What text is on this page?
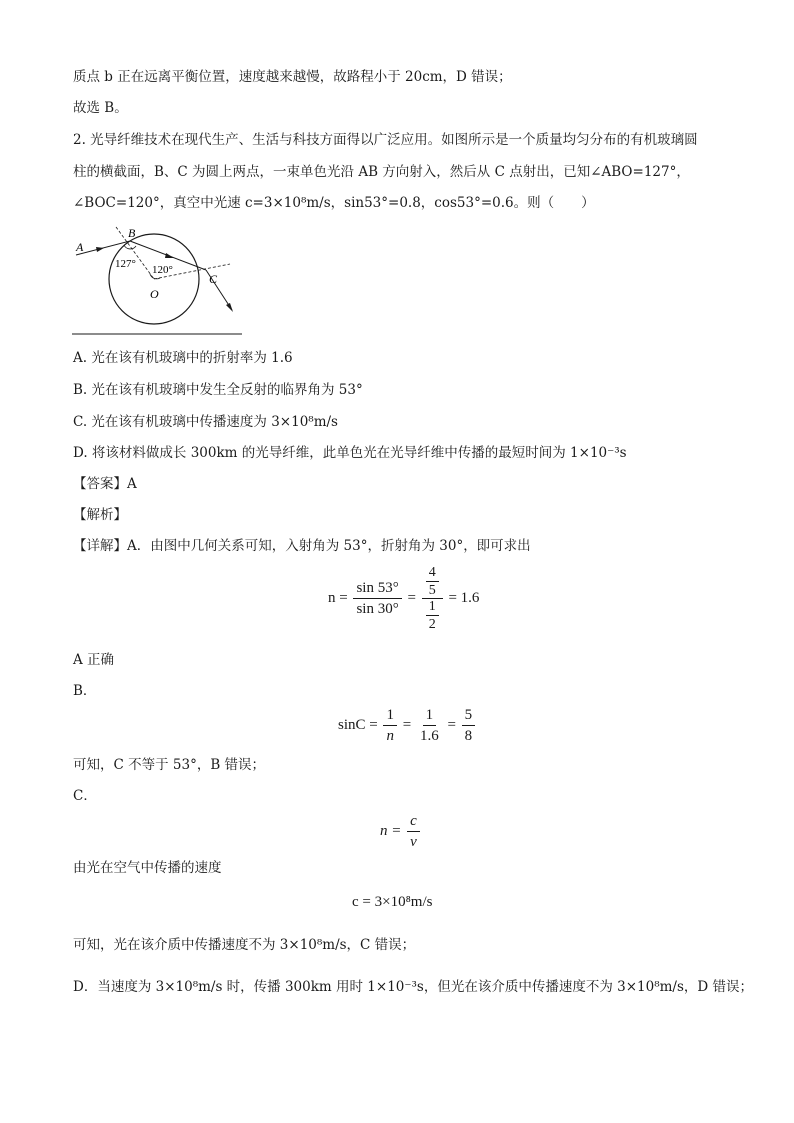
质点 b 正在远离平衡位置，速度越来越慢，故路程小于 20cm，D 错误；
故选 B。
2. 光导纤维技术在现代生产、生活与科技方面得以广泛应用。如图所示是一个质量均匀分布的有机玻璃圆
柱的横截面，B、C 为圆上两点，一束单色光沿 AB 方向射入，然后从 C 点射出，已知∠ABO=127°，
∠BOC=120°，真空中光速 c=3×10⁸m/s，sin53°=0.8，cos53°=0.6。则（　　）
A
B
C
O
127° 120°
A. 光在该有机玻璃中的折射率为 1.6
B. 光在该有机玻璃中发生全反射的临界角为 53°
C. 光在该有机玻璃中传播速度为 3×10⁸m/s
D. 将该材料做成长 300km 的光导纤维，此单色光在光导纤维中传播的最短时间为 1×10⁻³s
【答案】A
【解析】
【详解】A．由图中几何关系可知，入射角为 53°，折射角为 30°，即可求出
$n = \frac{\sin 53^\circ}{\sin 30^\circ} = \frac{\frac{4}{5}}{\frac{1}{2}} = 1.6$
A 正确
B．
$\sin C = \frac{1}{n} = \frac{1}{1.6} = \frac{5}{8}$
可知，C 不等于 53°，B 错误；
C．
$n = \frac{c}{v}$
由光在空气中传播的速度
c = 3×10⁸m/s
可知，光在该介质中传播速度不为 3×10⁸m/s，C 错误；
D．当速度为 3×10⁸m/s 时，传播 300km 用时 1×10⁻³s，但光在该介质中传播速度不为 3×10⁸m/s，D 错误；
